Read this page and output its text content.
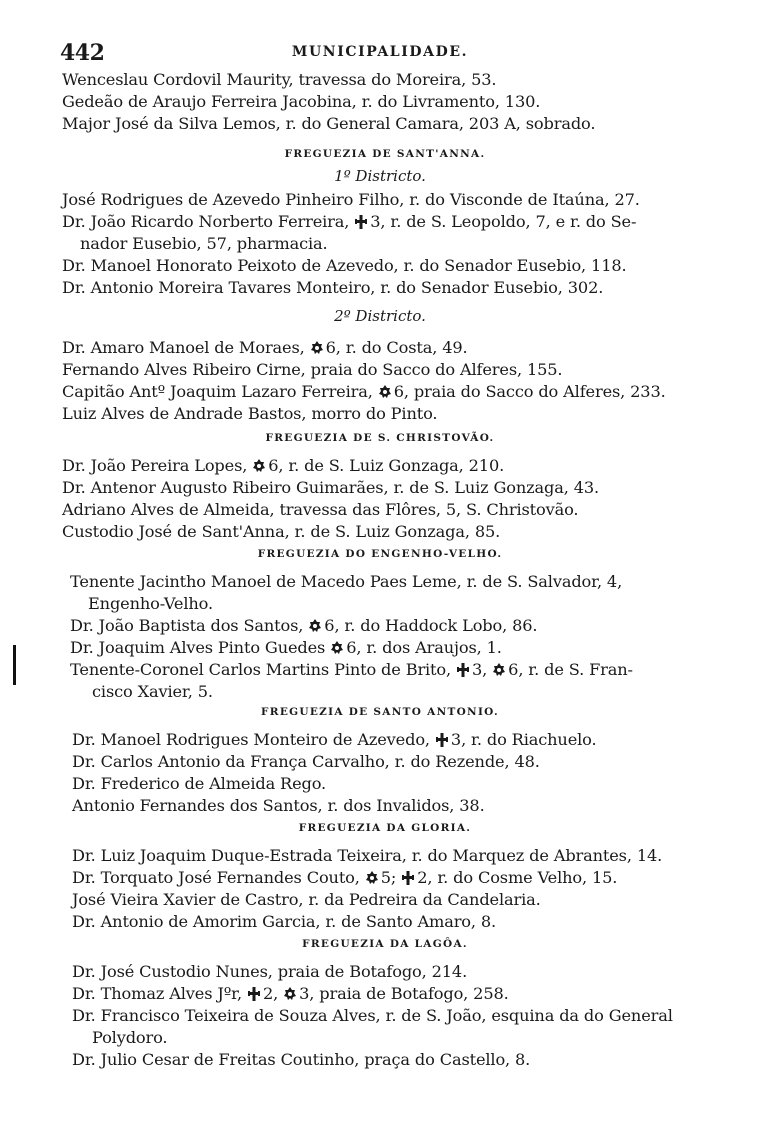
442	MUNICIPALIDADE.
Wenceslau Cordovil Maurity, travessa do Moreira, 53.
Gedeão de Araujo Ferreira Jacobina, r. do Livramento, 130.
Major José da Silva Lemos, r. do General Camara, 203 A, sobrado.
FREGUEZIA DE SANT'ANNA.
1º Districto.
José Rodrigues de Azevedo Pinheiro Filho, r. do Visconde de Itaúna, 27.
Dr. João Ricardo Norberto Ferreira, 3, r. de S. Leopoldo, 7, e r. do Se-
nador Eusebio, 57, pharmacia.
Dr. Manoel Honorato Peixoto de Azevedo, r. do Senador Eusebio, 118.
Dr. Antonio Moreira Tavares Monteiro, r. do Senador Eusebio, 302.
2º Districto.
Dr. Amaro Manoel de Moraes, 6, r. do Costa, 49.
Fernando Alves Ribeiro Cirne, praia do Sacco do Alferes, 155.
Capitão Antº Joaquim Lazaro Ferreira, 6, praia do Sacco do Alferes, 233.
Luiz Alves de Andrade Bastos, morro do Pinto.
FREGUEZIA DE S. CHRISTOVÃO.
Dr. João Pereira Lopes, 6, r. de S. Luiz Gonzaga, 210.
Dr. Antenor Augusto Ribeiro Guimarães, r. de S. Luiz Gonzaga, 43.
Adriano Alves de Almeida, travessa das Flôres, 5, S. Christovão.
Custodio José de Sant'Anna, r. de S. Luiz Gonzaga, 85.
FREGUEZIA DO ENGENHO-VELHO.
Tenente Jacintho Manoel de Macedo Paes Leme, r. de S. Salvador, 4,
Engenho-Velho.
Dr. João Baptista dos Santos, 6, r. do Haddock Lobo, 86.
Dr. Joaquim Alves Pinto Guedes 6, r. dos Araujos, 1.
Tenente-Coronel Carlos Martins Pinto de Brito, 3, 6, r. de S. Fran-
cisco Xavier, 5.
FREGUEZIA DE SANTO ANTONIO.
Dr. Manoel Rodrigues Monteiro de Azevedo, 3, r. do Riachuelo.
Dr. Carlos Antonio da França Carvalho, r. do Rezende, 48.
Dr. Frederico de Almeida Rego.
Antonio Fernandes dos Santos, r. dos Invalidos, 38.
FREGUEZIA DA GLORIA.
Dr. Luiz Joaquim Duque-Estrada Teixeira, r. do Marquez de Abrantes, 14.
Dr. Torquato José Fernandes Couto, 5; 2, r. do Cosme Velho, 15.
José Vieira Xavier de Castro, r. da Pedreira da Candelaria.
Dr. Antonio de Amorim Garcia, r. de Santo Amaro, 8.
FREGUEZIA DA LAGÔA.
Dr. José Custodio Nunes, praia de Botafogo, 214.
Dr. Thomaz Alves Jºr, 2, 3, praia de Botafogo, 258.
Dr. Francisco Teixeira de Souza Alves, r. de S. João, esquina da do General
Polydoro.
Dr. Julio Cesar de Freitas Coutinho, praça do Castello, 8.
